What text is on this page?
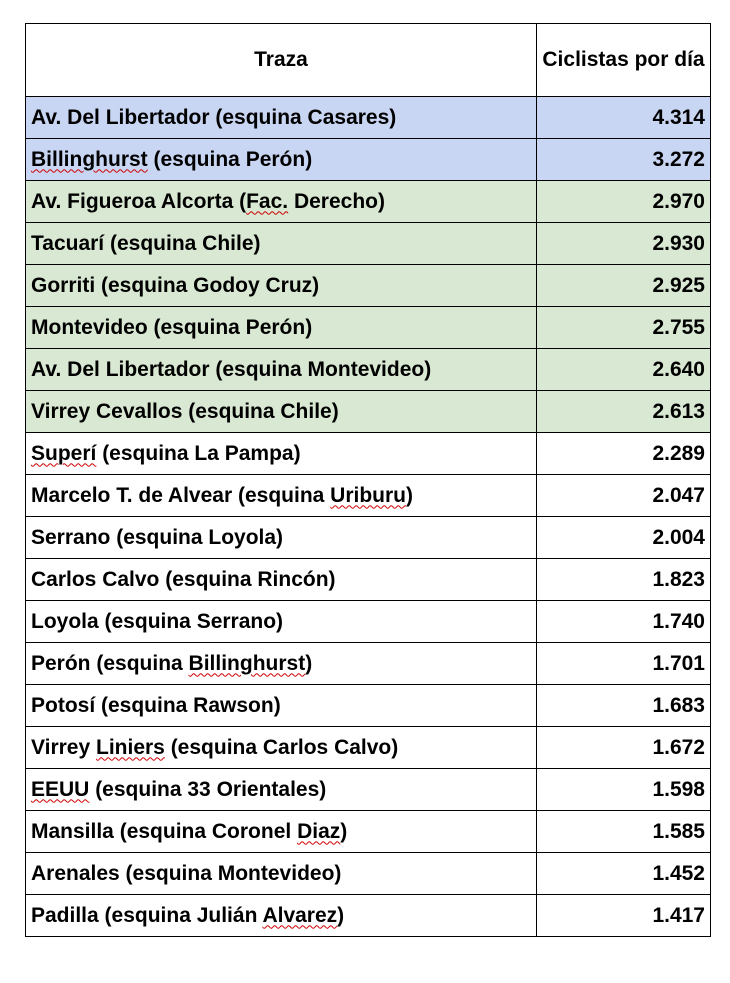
Traza	Ciclistas por día
Av. Del Libertador (esquina Casares)	4.314
Billinghurst (esquina Perón)	3.272
Av. Figueroa Alcorta (Fac. Derecho)	2.970
Tacuarí (esquina Chile)	2.930
Gorriti (esquina Godoy Cruz)	2.925
Montevideo (esquina Perón)	2.755
Av. Del Libertador (esquina Montevideo)	2.640
Virrey Cevallos (esquina Chile)	2.613
Superí (esquina La Pampa)	2.289
Marcelo T. de Alvear (esquina Uriburu)	2.047
Serrano (esquina Loyola)	2.004
Carlos Calvo (esquina Rincón)	1.823
Loyola (esquina Serrano)	1.740
Perón (esquina Billinghurst)	1.701
Potosí (esquina Rawson)	1.683
Virrey Liniers (esquina Carlos Calvo)	1.672
EEUU (esquina 33 Orientales)	1.598
Mansilla (esquina Coronel Diaz)	1.585
Arenales (esquina Montevideo)	1.452
Padilla (esquina Julián Alvarez)	1.417
